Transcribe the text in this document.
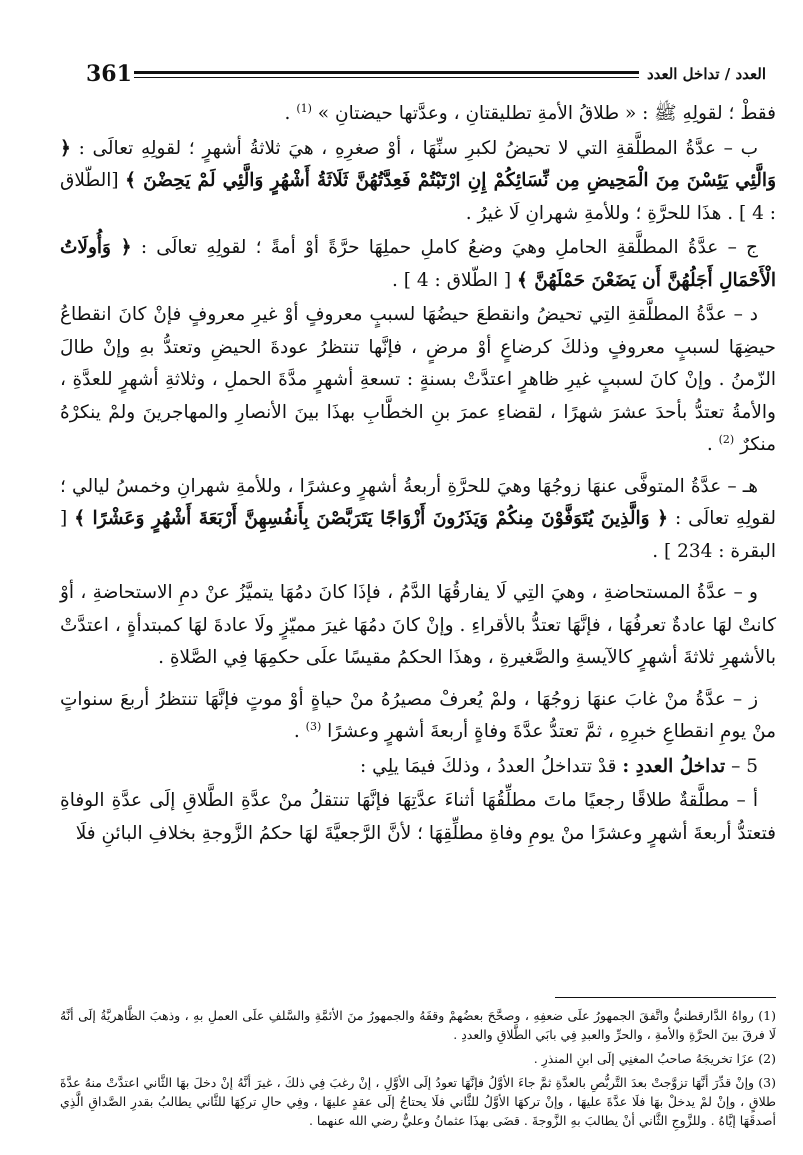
361	العدد / تداخل العدد

فقطْ ؛ لقولِهِ ﷺ : « طلاقُ الأمةِ تطليقتانِ ، وعدَّتها حيضتانِ » $^{(1)}$ .

ب – عدَّةُ المطلَّقةِ التي لا تحيضُ لكبرِ سنِّهَا ، أوْ صغرِهِ ، هيَ ثلاثةُ أشهرٍ ؛ لقولِهِ تعالَى : ﴿ وَالَّئِي يَئِسْنَ مِنَ الْمَحِيضِ مِن نِّسَائِكُمْ إِنِ ارْتَبْتُمْ فَعِدَّتُهُنَّ ثَلَاثَةُ أَشْهُرٍ وَالَّئِي لَمْ يَحِضْنَ ﴾ [الطّلاق : 4 ] . هذَا للحرَّةِ ؛ وللأمةِ شهرانِ لَا غيرُ .

ج – عدَّةُ المطلَّقةِ الحاملِ وهيَ وضعُ كاملِ حملِهَا حرَّةً أوْ أمةً ؛ لقولِهِ تعالَى : ﴿ وَأُولَاتُ الْأَحْمَالِ أَجَلُهُنَّ أَن يَضَعْنَ حَمْلَهُنَّ ﴾ [ الطّلاق : 4 ] .

د – عدَّةُ المطلَّقةِ التِي تحيضُ وانقطعَ حيضُهَا لسببٍ معروفٍ أوْ غيرِ معروفٍ فإنْ كانَ انقطاعُ حيضِهَا لسببٍ معروفٍ وذلكَ كرضاعٍ أوْ مرضٍ ، فإنَّها تنتظرُ عودةَ الحيضِ وتعتدُّ بهِ وإنْ طالَ الزّمنُ . وإنْ كانَ لسببٍ غيرِ ظاهرٍ اعتدَّتْ بسنةٍ : تسعةِ أشهرٍ مدَّةَ الحملِ ، وثلاثةِ أشهرٍ للعدَّةِ ، والأمةُ تعتدُّ بأحدَ عشرَ شهرًا ، لقضاءِ عمرَ بنِ الخطَّابِ بهذَا بينَ الأنصارِ والمهاجرينَ ولمْ ينكرْهُ منكرٌ $^{(2)}$ .

هـ – عدَّةُ المتوفَّى عنهَا زوجُهَا وهيَ للحرَّةِ أربعةُ أشهرٍ وعشرًا ، وللأمةِ شهرانِ وخمسُ ليالي ؛ لقولِهِ تعالَى : ﴿ وَالَّذِينَ يُتَوَفَّوْنَ مِنكُمْ وَيَذَرُونَ أَزْوَاجًا يَتَرَبَّصْنَ بِأَنفُسِهِنَّ أَرْبَعَةَ أَشْهُرٍ وَعَشْرًا ﴾ [ البقرة : 234 ] .

و – عدَّةُ المستحاضةِ ، وهيَ التِي لَا يفارقُهَا الدَّمُ ، فإذَا كانَ دمُهَا يتميَّزُ عنْ دمِ الاستحاضةِ ، أوْ كانتْ لهَا عادةٌ تعرفُهَا ، فإنَّهَا تعتدُّ بالأقراءِ . وإنْ كانَ دمُهَا غيرَ مميّزٍ ولَا عادةَ لهَا كمبتدأةٍ ، اعتدَّتْ بالأشهرِ ثلاثةَ أشهرٍ كالآيسةِ والصَّغيرةِ ، وهذَا الحكمُ مقيسًا علَى حكمِهَا فِي الصَّلاةِ .

ز – عدَّةُ منْ غابَ عنهَا زوجُهَا ، ولمْ يُعرفْ مصيرُهُ منْ حياةٍ أوْ موتٍ فإنَّهَا تنتظرُ أربعَ سنواتٍ منْ يومِ انقطاعِ خبرِهِ ، ثمَّ تعتدُّ عدَّةَ وفاةٍ أربعةَ أشهرٍ وعشرًا $^{(3)}$ .

5 – تداخلُ العددِ : قدْ تتداخلُ العددُ ، وذلكَ فيمَا يلِي :

أ – مطلَّقةٌ طلاقًا رجعيًا ماتَ مطلِّقُهَا أثناءَ عدَّتِهَا فإنَّهَا تنتقلُ منْ عدَّةِ الطَّلاقِ إلَى عدَّةِ الوفاةِ فتعتدُّ أربعةَ أشهرٍ وعشرًا منْ يومِ وفاةِ مطلِّقِهَا ؛ لأنَّ الرَّجعيَّةَ لهَا حكمُ الزَّوجةِ بخلافِ البائنِ فلَا

(1) رواهُ الدَّارقطنيُّ واتَّفقَ الجمهورُ علَى ضعفِهِ ، وصحَّحَ بعضُهمْ وقفَهُ والجمهورُ منَ الأئمَّةِ والسَّلفِ علَى العملِ بهِ ، وذهبَ الظَّاهريَّةُ إلَى أنَّهُ لَا فرقَ بينَ الحرَّةِ والأمةِ ، والحرِّ والعبدِ فِي بابَي الطَّلاقِ والعددِ .

(2) عزَا تخريجَهُ صاحبُ المغنِي إلَى ابنِ المنذرِ .

(3) وإنْ قدِّرَ أنَّهَا تزوَّجتْ بعدَ التَّربُّصِ بالعدَّةِ ثمَّ جاءَ الأوَّلُ فإنَّهَا تعودُ إلَى الأوَّلِ ، إنْ رغبَ فِي ذلكَ ، غيرَ أنَّهُ إنْ دخلَ بهَا الثَّاني اعتدَّتْ منهُ عدَّةَ طلاقٍ ، وإنْ لمْ يدخلْ بهَا فلَا عدَّةَ عليهَا ، وإنْ تركهَا الأوَّلُ للثَّاني فلَا يحتاجُ إلَى عقدٍ عليهَا ، وفِي حالِ تركِهَا للثَّاني يطالبُ بقدرِ الصَّداقِ الَّذِي أصدقَهَا إيَّاهُ . وللزَّوجِ الثَّاني أنْ يطالبَ بهِ الزَّوجةَ . قضَى بهذَا عثمانُ وعليٌّ رضي الله عنهما .
